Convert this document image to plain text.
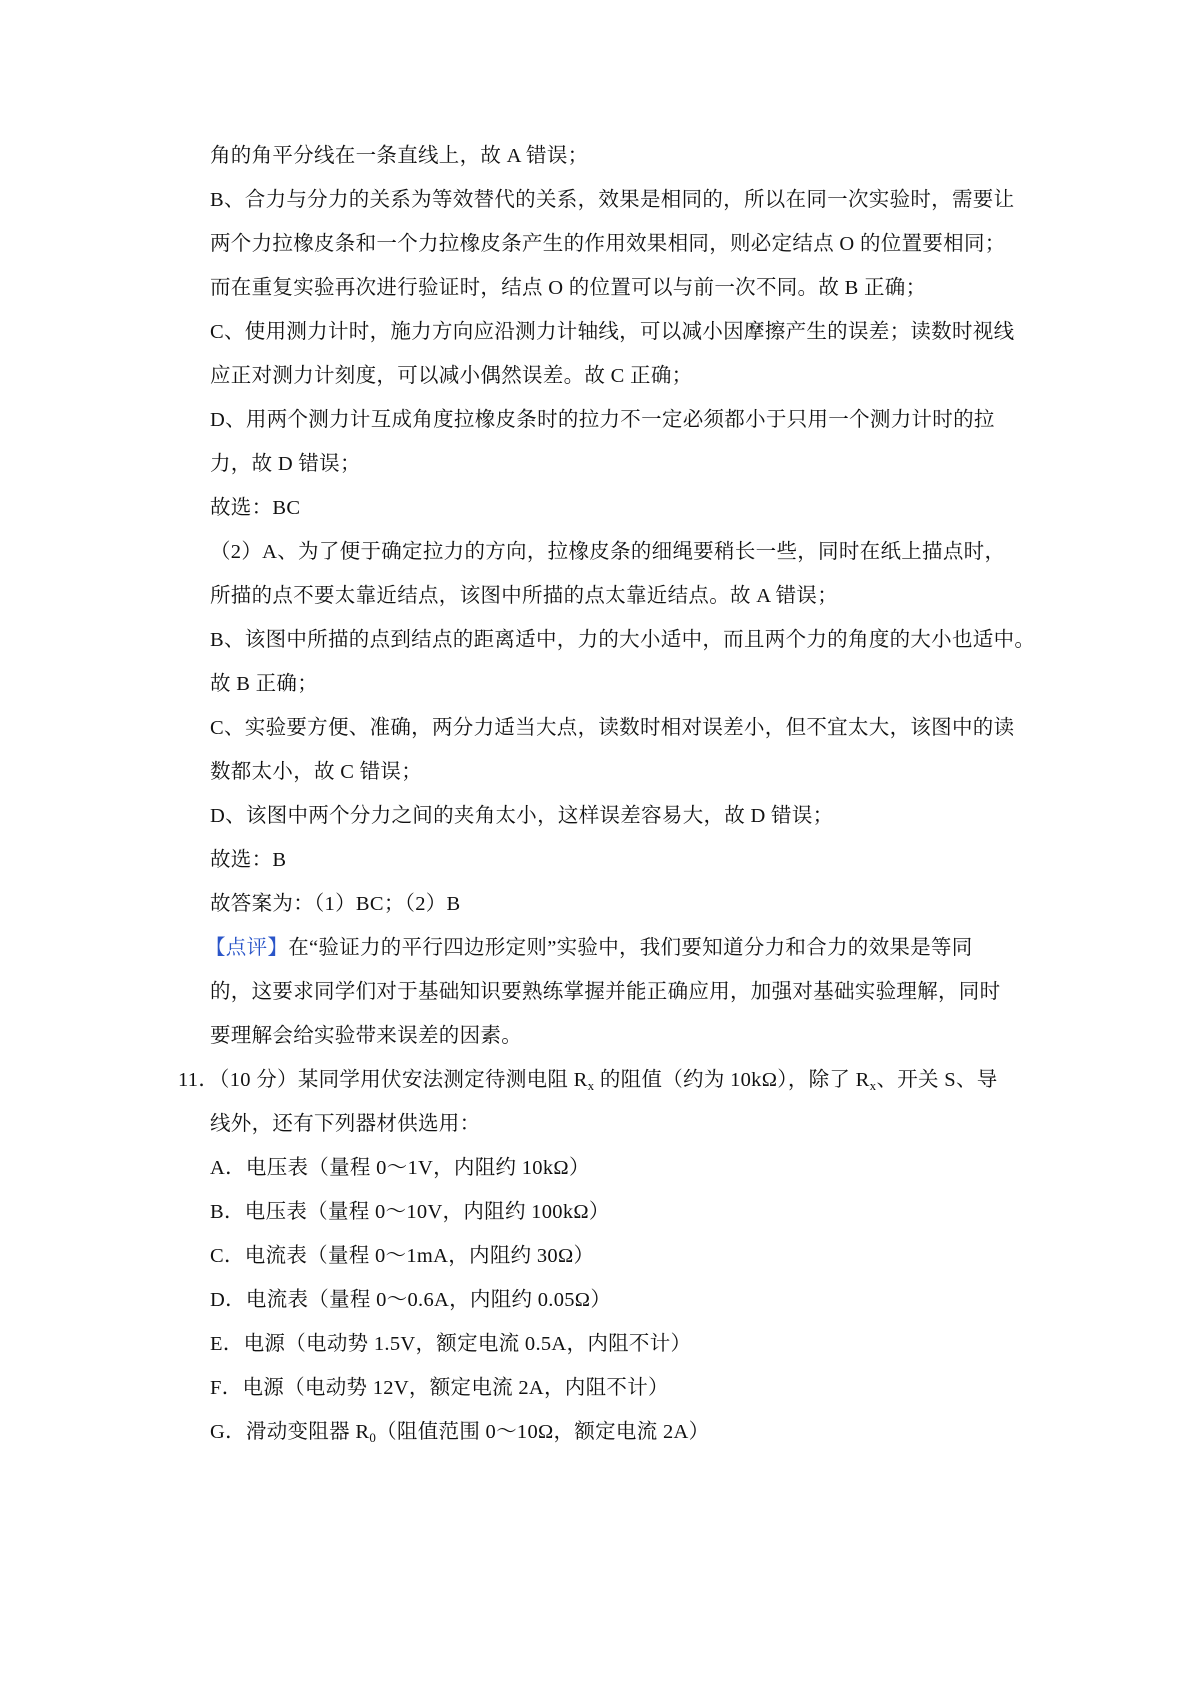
角的角平分线在一条直线上，故 A 错误；
B、合力与分力的关系为等效替代的关系，效果是相同的，所以在同一次实验时，需要让
两个力拉橡皮条和一个力拉橡皮条产生的作用效果相同，则必定结点 O 的位置要相同；
而在重复实验再次进行验证时，结点 O 的位置可以与前一次不同。故 B 正确；
C、使用测力计时，施力方向应沿测力计轴线，可以减小因摩擦产生的误差；读数时视线
应正对测力计刻度，可以减小偶然误差。故 C 正确；
D、用两个测力计互成角度拉橡皮条时的拉力不一定必须都小于只用一个测力计时的拉
力，故 D 错误；
故选：BC
（2）A、为了便于确定拉力的方向，拉橡皮条的细绳要稍长一些，同时在纸上描点时，
所描的点不要太靠近结点，该图中所描的点太靠近结点。故 A 错误；
B、该图中所描的点到结点的距离适中，力的大小适中，而且两个力的角度的大小也适中。
故 B 正确；
C、实验要方便、准确，两分力适当大点，读数时相对误差小，但不宜太大，该图中的读
数都太小，故 C 错误；
D、该图中两个分力之间的夹角太小，这样误差容易大，故 D 错误；
故选：B
故答案为：（1）BC；（2）B
【点评】在“验证力的平行四边形定则”实验中，我们要知道分力和合力的效果是等同
的，这要求同学们对于基础知识要熟练掌握并能正确应用，加强对基础实验理解，同时
要理解会给实验带来误差的因素。
11．（10 分）某同学用伏安法测定待测电阻 $R_x$ 的阻值（约为 10kΩ），除了 $R_x$、开关 S、导
线外，还有下列器材供选用：
A．电压表（量程 0～1V，内阻约 10kΩ）
B．电压表（量程 0～10V，内阻约 100kΩ）
C．电流表（量程 0～1mA，内阻约 30Ω）
D．电流表（量程 0～0.6A，内阻约 0.05Ω）
E．电源（电动势 1.5V，额定电流 0.5A，内阻不计）
F．电源（电动势 12V，额定电流 2A，内阻不计）
G．滑动变阻器 $R_0$（阻值范围 0～10Ω，额定电流 2A）
